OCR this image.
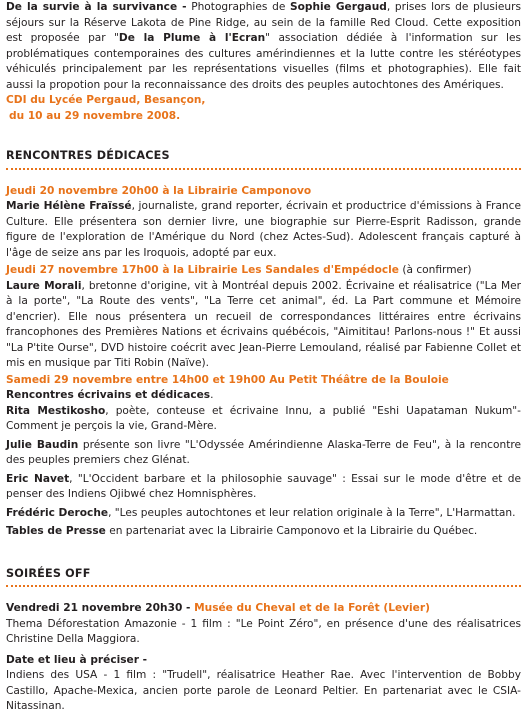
De la survie à la survivance - Photographies de Sophie Gergaud, prises lors de plusieurs séjours sur la Réserve Lakota de Pine Ridge, au sein de la famille Red Cloud. Cette exposition est proposée par "De la Plume à l'Ecran" association dédiée à l'information sur les problématiques contemporaines des cultures amérindiennes et la lutte contre les stéréotypes véhiculés principalement par les représentations visuelles (films et photographies). Elle fait aussi la propotion pour la reconnaissance des droits des peuples autochtones des Amériques.

CDI du Lycée Pergaud, Besançon,

du 10 au 29 novembre 2008.

RENCONTRES DÉDICACES

Jeudi 20 novembre 20h00 à la Librairie Camponovo

Marie Hélène Fraïssé, journaliste, grand reporter, écrivain et productrice d'émissions à France Culture. Elle présentera son dernier livre, une biographie sur Pierre-Esprit Radisson, grande figure de l'exploration de l'Amérique du Nord (chez Actes-Sud). Adolescent français capturé à l'âge de seize ans par les Iroquois, adopté par eux.

Jeudi 27 novembre 17h00 à la Librairie Les Sandales d'Empédocle (à confirmer)

Laure Morali, bretonne d'origine, vit à Montréal depuis 2002. Écrivaine et réalisatrice ("La Mer à la porte", "La Route des vents", "La Terre cet animal", éd. La Part commune et Mémoire d'encrier). Elle nous présentera un recueil de correspondances littéraires entre écrivains francophones des Premières Nations et écrivains québécois, "Aimititau! Parlons-nous !" Et aussi "La P'tite Ourse", DVD histoire coécrit avec Jean-Pierre Lemouland, réalisé par Fabienne Collet et mis en musique par Titi Robin (Naïve).

Samedi 29 novembre entre 14h00 et 19h00 Au Petit Théâtre de la Bouloie

Rencontres écrivains et dédicaces.

Rita Mestikosho, poète, conteuse et écrivaine Innu, a publié "Eshi Uapataman Nukum"- Comment je perçois la vie, Grand-Mère.

Julie Baudin présente son livre "L'Odyssée Amérindienne Alaska-Terre de Feu", à la rencontre des peuples premiers chez Glénat.

Eric Navet, "L'Occident barbare et la philosophie sauvage" : Essai sur le mode d'être et de penser des Indiens Ojibwé chez Homnisphères.

Frédéric Deroche, "Les peuples autochtones et leur relation originale à la Terre", L'Harmattan.

Tables de Presse en partenariat avec la Librairie Camponovo et la Librairie du Québec.

SOIRÉES OFF

Vendredi 21 novembre 20h30 - Musée du Cheval et de la Forêt (Levier)

Thema Déforestation Amazonie - 1 film : "Le Point Zéro", en présence d'une des réalisatrices Christine Della Maggiora.

Date et lieu à préciser -

Indiens des USA - 1 film : "Trudell", réalisatrice Heather Rae. Avec l'intervention de Bobby Castillo, Apache-Mexica, ancien porte parole de Leonard Peltier. En partenariat avec le CSIA-Nitassinan.
